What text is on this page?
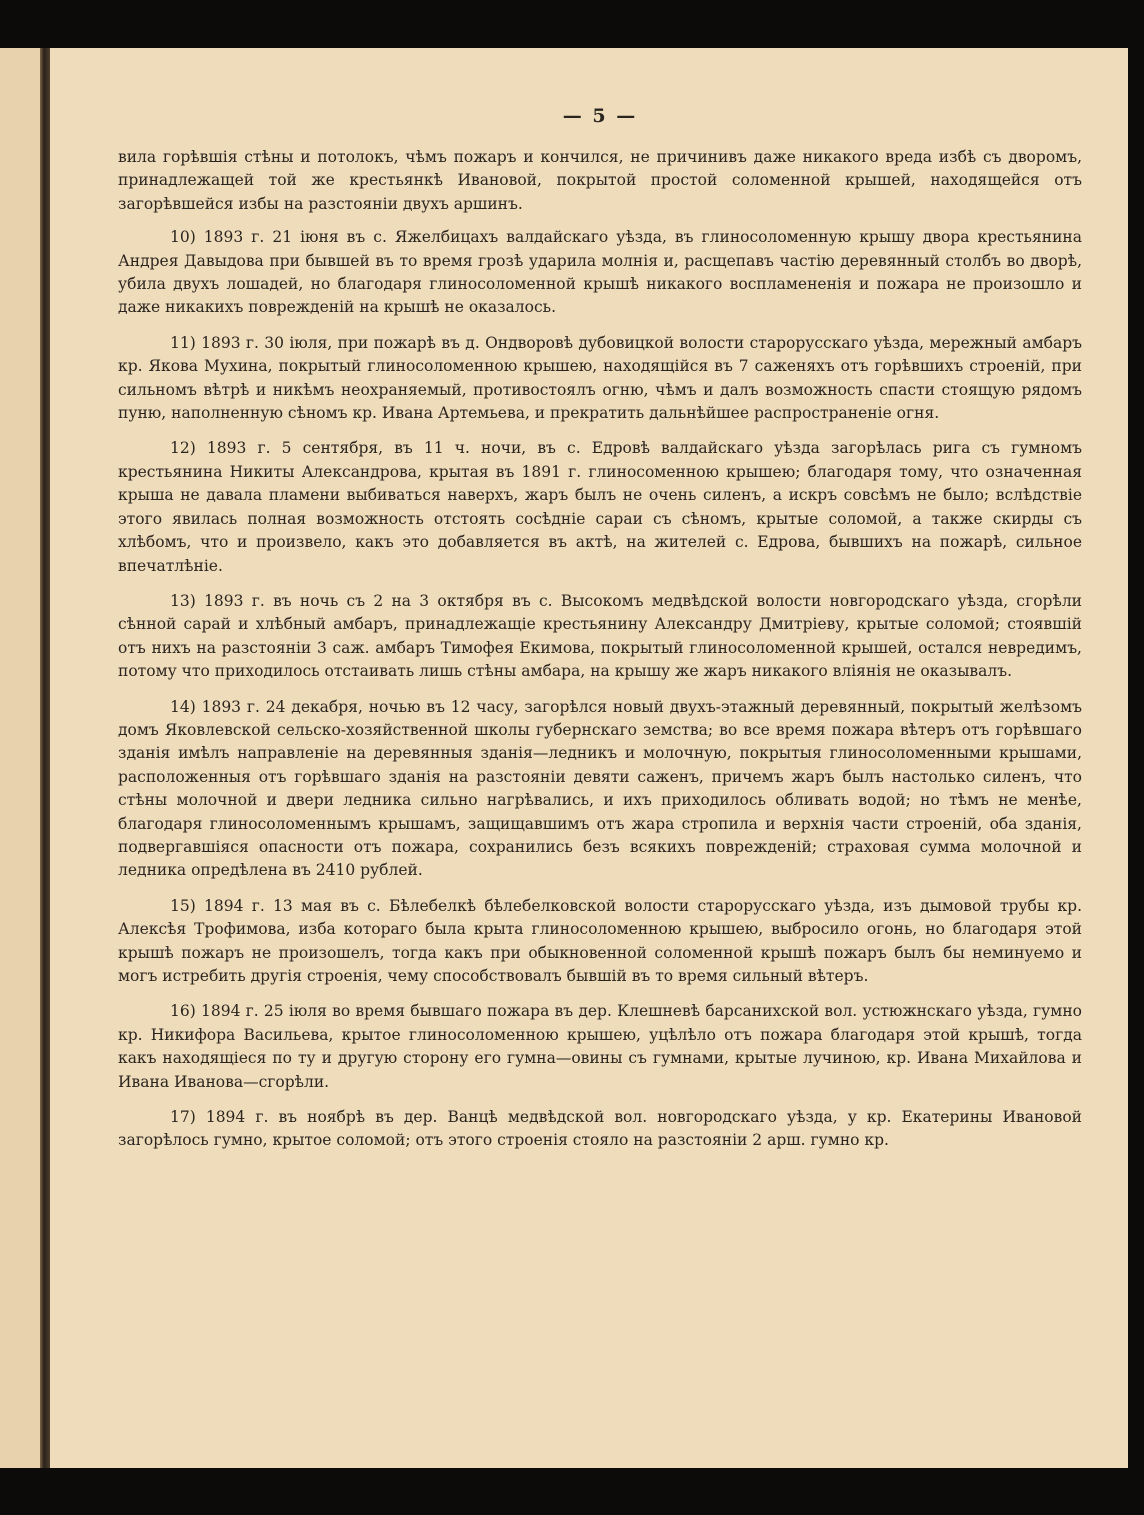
— 5 —

вила горѣвшія стѣны и потолокъ, чѣмъ пожаръ и кончился, не причинивъ даже никакого вреда избѣ съ дворомъ, принадлежащей той же крестьянкѣ Ивановой, покрытой простой соломенной крышей, находящейся отъ загорѣвшейся избы на разстояніи двухъ аршинъ.

10) 1893 г. 21 іюня въ с. Яжелбицахъ валдайскаго уѣзда, въ глиносоломенную крышу двора крестьянина Андрея Давыдова при бывшей въ то время грозѣ ударила молнія и, расщепавъ частію деревянный столбъ во дворѣ, убила двухъ лошадей, но благодаря глиносоломенной крышѣ никакого воспламененія и пожара не произошло и даже никакихъ поврежденій на крышѣ не оказалось.

11) 1893 г. 30 іюля, при пожарѣ въ д. Ондворовѣ дубовицкой волости старорусскаго уѣзда, мережный амбаръ кр. Якова Мухина, покрытый глиносоломенною крышею, находящійся въ 7 саженяхъ отъ горѣвшихъ строеній, при сильномъ вѣтрѣ и никѣмъ неохраняемый, противостоялъ огню, чѣмъ и далъ возможность спасти стоящую рядомъ пуню, наполненную сѣномъ кр. Ивана Артемьева, и прекратить дальнѣйшее распространеніе огня.

12) 1893 г. 5 сентября, въ 11 ч. ночи, въ с. Едровѣ валдайскаго уѣзда загорѣлась рига съ гумномъ крестьянина Никиты Александрова, крытая въ 1891 г. глиносоменною крышею; благодаря тому, что означенная крыша не давала пламени выбиваться наверхъ, жаръ былъ не очень силенъ, а искръ совсѣмъ не было; вслѣдствіе этого явилась полная возможность отстоять сосѣдніе сараи съ сѣномъ, крытые соломой, а также скирды съ хлѣбомъ, что и произвело, какъ это добавляется въ актѣ, на жителей с. Едрова, бывшихъ на пожарѣ, сильное впечатлѣніе.

13) 1893 г. въ ночь съ 2 на 3 октября въ с. Высокомъ медвѣдской волости новгородскаго уѣзда, сгорѣли сѣнной сарай и хлѣбный амбаръ, принадлежащіе крестьянину Александру Дмитріеву, крытые соломой; стоявшій отъ нихъ на разстояніи 3 саж. амбаръ Тимофея Екимова, покрытый глиносоломенной крышей, остался невредимъ, потому что приходилось отстаивать лишь стѣны амбара, на крышу же жаръ никакого вліянія не оказывалъ.

14) 1893 г. 24 декабря, ночью въ 12 часу, загорѣлся новый двухъ-этажный деревянный, покрытый желѣзомъ домъ Яковлевской сельско-хозяйственной школы губернскаго земства; во все время пожара вѣтеръ отъ горѣвшаго зданія имѣлъ направленіе на деревянныя зданія—ледникъ и молочную, покрытыя глиносоломенными крышами, расположенныя отъ горѣвшаго зданія на разстояніи девяти саженъ, причемъ жаръ былъ настолько силенъ, что стѣны молочной и двери ледника сильно нагрѣвались, и ихъ приходилось обливать водой; но тѣмъ не менѣе, благодаря глиносоломеннымъ крышамъ, защищавшимъ отъ жара стропила и верхнія части строеній, оба зданія, подвергавшіяся опасности отъ пожара, сохранились безъ всякихъ поврежденій; страховая сумма молочной и ледника опредѣлена въ 2410 рублей.

15) 1894 г. 13 мая въ с. Бѣлебелкѣ бѣлебелковской волости старорусскаго уѣзда, изъ дымовой трубы кр. Алексѣя Трофимова, изба котораго была крыта глиносоломенною крышею, выбросило огонь, но благодаря этой крышѣ пожаръ не произошелъ, тогда какъ при обыкновенной соломенной крышѣ пожаръ былъ бы неминуемо и могъ истребить другія строенія, чему способствовалъ бывшій въ то время сильный вѣтеръ.

16) 1894 г. 25 іюля во время бывшаго пожара въ дер. Клешневѣ барсанихской вол. устюжнскаго уѣзда, гумно кр. Никифора Васильева, крытое глиносоломенною крышею, уцѣлѣло отъ пожара благодаря этой крышѣ, тогда какъ находящіеся по ту и другую сторону его гумна—овины съ гумнами, крытые лучиною, кр. Ивана Михайлова и Ивана Иванова—сгорѣли.

17) 1894 г. въ ноябрѣ въ дер. Ванцѣ медвѣдской вол. новгородскаго уѣзда, у кр. Екатерины Ивановой загорѣлось гумно, крытое соломой; отъ этого строенія стояло на разстояніи 2 арш. гумно кр.
